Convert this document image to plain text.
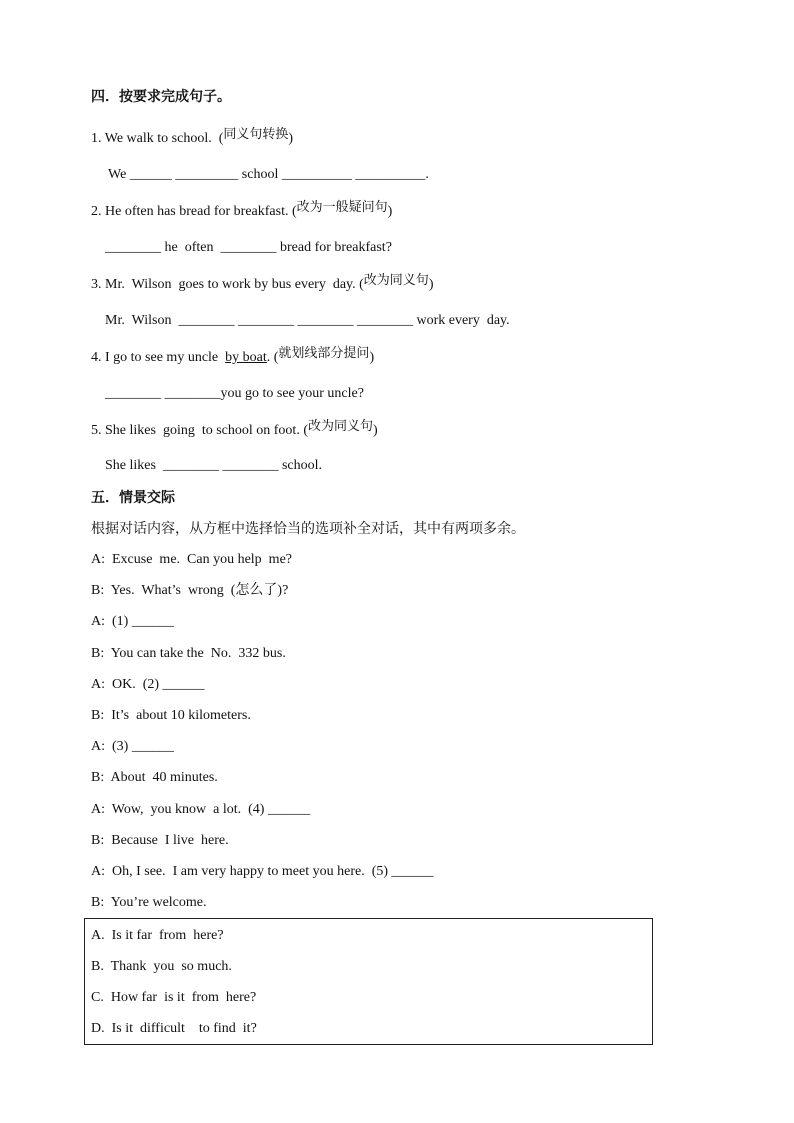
四．按要求完成句子。
1. We walk to school.  (同义句转换)
We ______ _________ school __________ __________.
2. He often has bread for breakfast. (改为一般疑问句)
________ he  often  ________ bread for breakfast?
3. Mr.  Wilson  goes to work by bus every  day. (改为同义句)
Mr.  Wilson  ________ ________ ________ ________ work every  day.
4. I go to see my uncle  by boat. (就划线部分提问)
________ ________you go to see your uncle?
5. She likes  going  to school on foot. (改为同义句)
She likes  ________ ________ school.
五．情景交际
根据对话内容，从方框中选择恰当的选项补全对话，其中有两项多余。
A:  Excuse  me.  Can you help  me?
B:  Yes.  What’s  wrong  (怎么了)?
A:  (1) ______
B:  You can take the  No.  332 bus.
A:  OK.  (2) ______
B:  It’s  about 10 kilometers.
A:  (3) ______
B:  About  40 minutes.
A:  Wow,  you know  a lot.  (4) ______
B:  Because  I live  here.
A:  Oh, I see.  I am very happy to meet you here.  (5) ______
B:  You’re welcome.
A.  Is it far  from  here?
B.  Thank  you  so much.
C.  How far  is it  from  here?
D.  Is it  difficult    to find  it?
